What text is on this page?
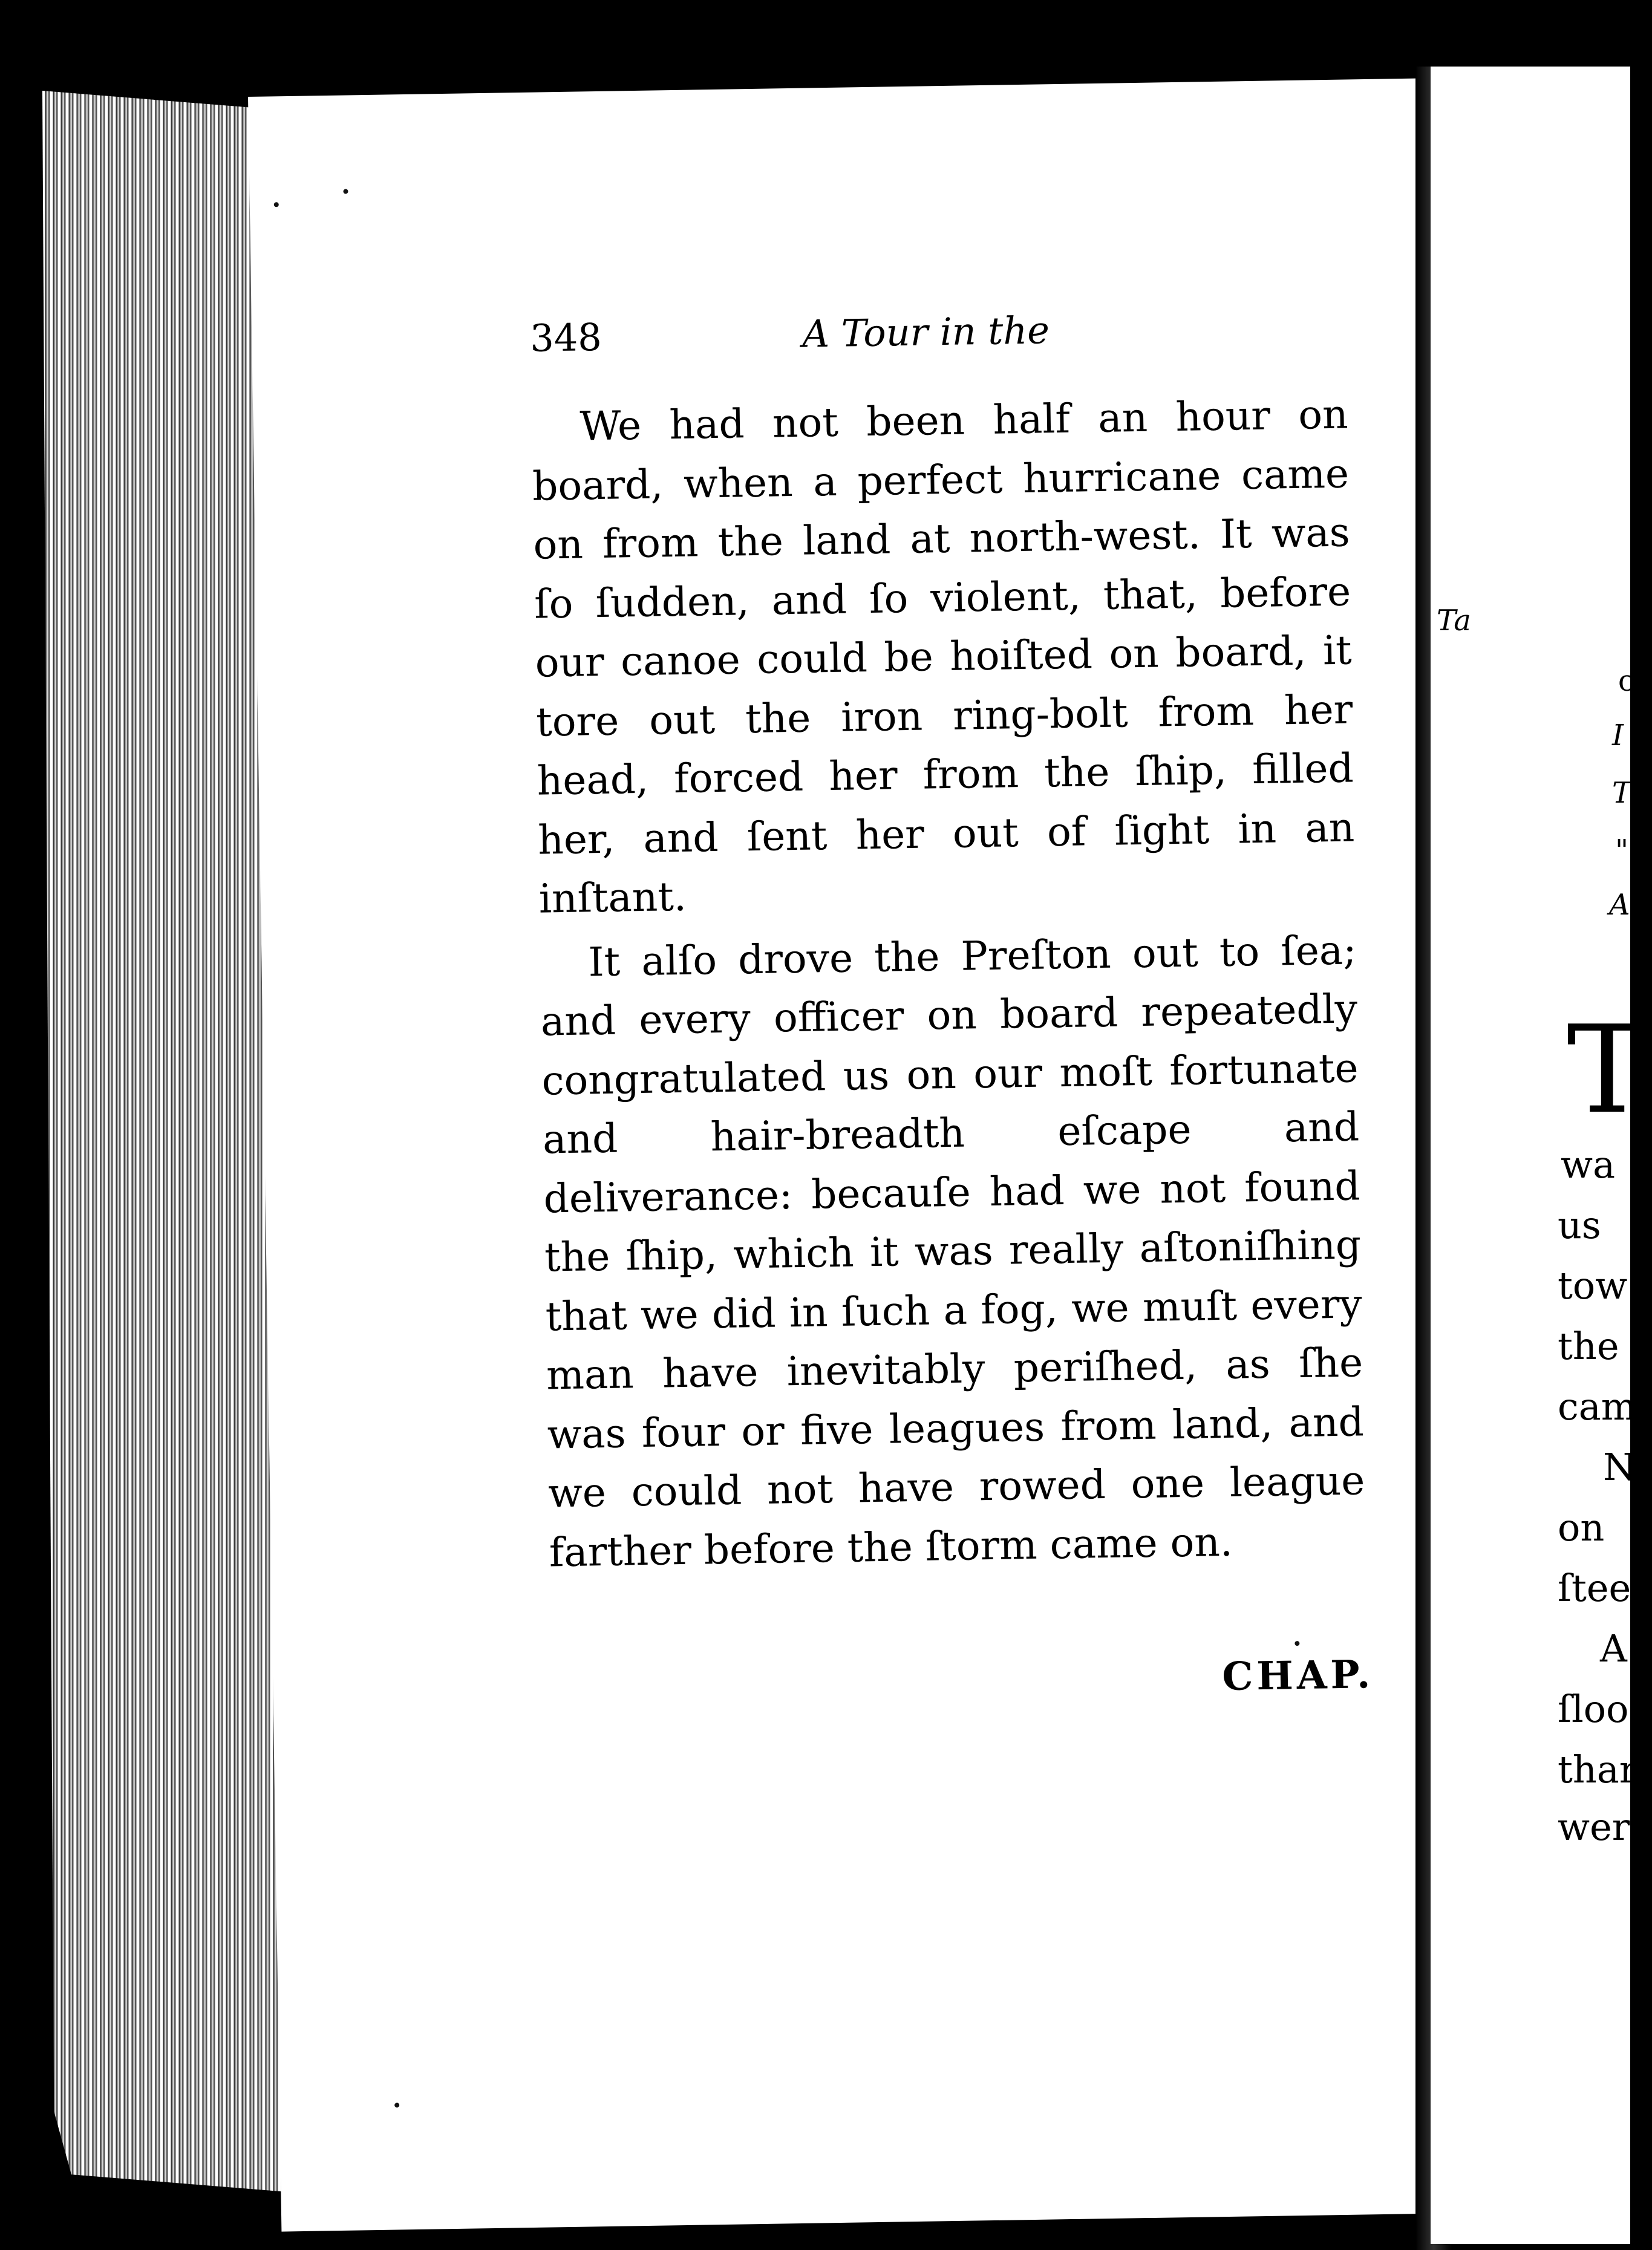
348	A Tour in the

We had not been half an hour on board, when a perfect hurricane came on from the land at north-west. It was ſo ſudden, and ſo violent, that, before our canoe could be hoiſted on board, it tore out the iron ring-bolt from her head, forced her from the ſhip, filled her, and ſent her out of ſight in an inſtant.

It alſo drove the Preſton out to ſea; and every officer on board repeatedly congratulated us on our moſt fortunate and hair-breadth eſcape and deliverance: becauſe had we not found the ſhip, which it was really aſtoniſhing that we did in ſuch a fog, we muſt every man have inevitably periſhed, as ſhe was four or five leagues from land, and we could not have rowed one league farther before the ſtorm came on.

CHAP.
Ta
c
I
T
"
A
T
wa
us
tow
the
cam
N
on
ſtee
A
ſloo
thar
were
